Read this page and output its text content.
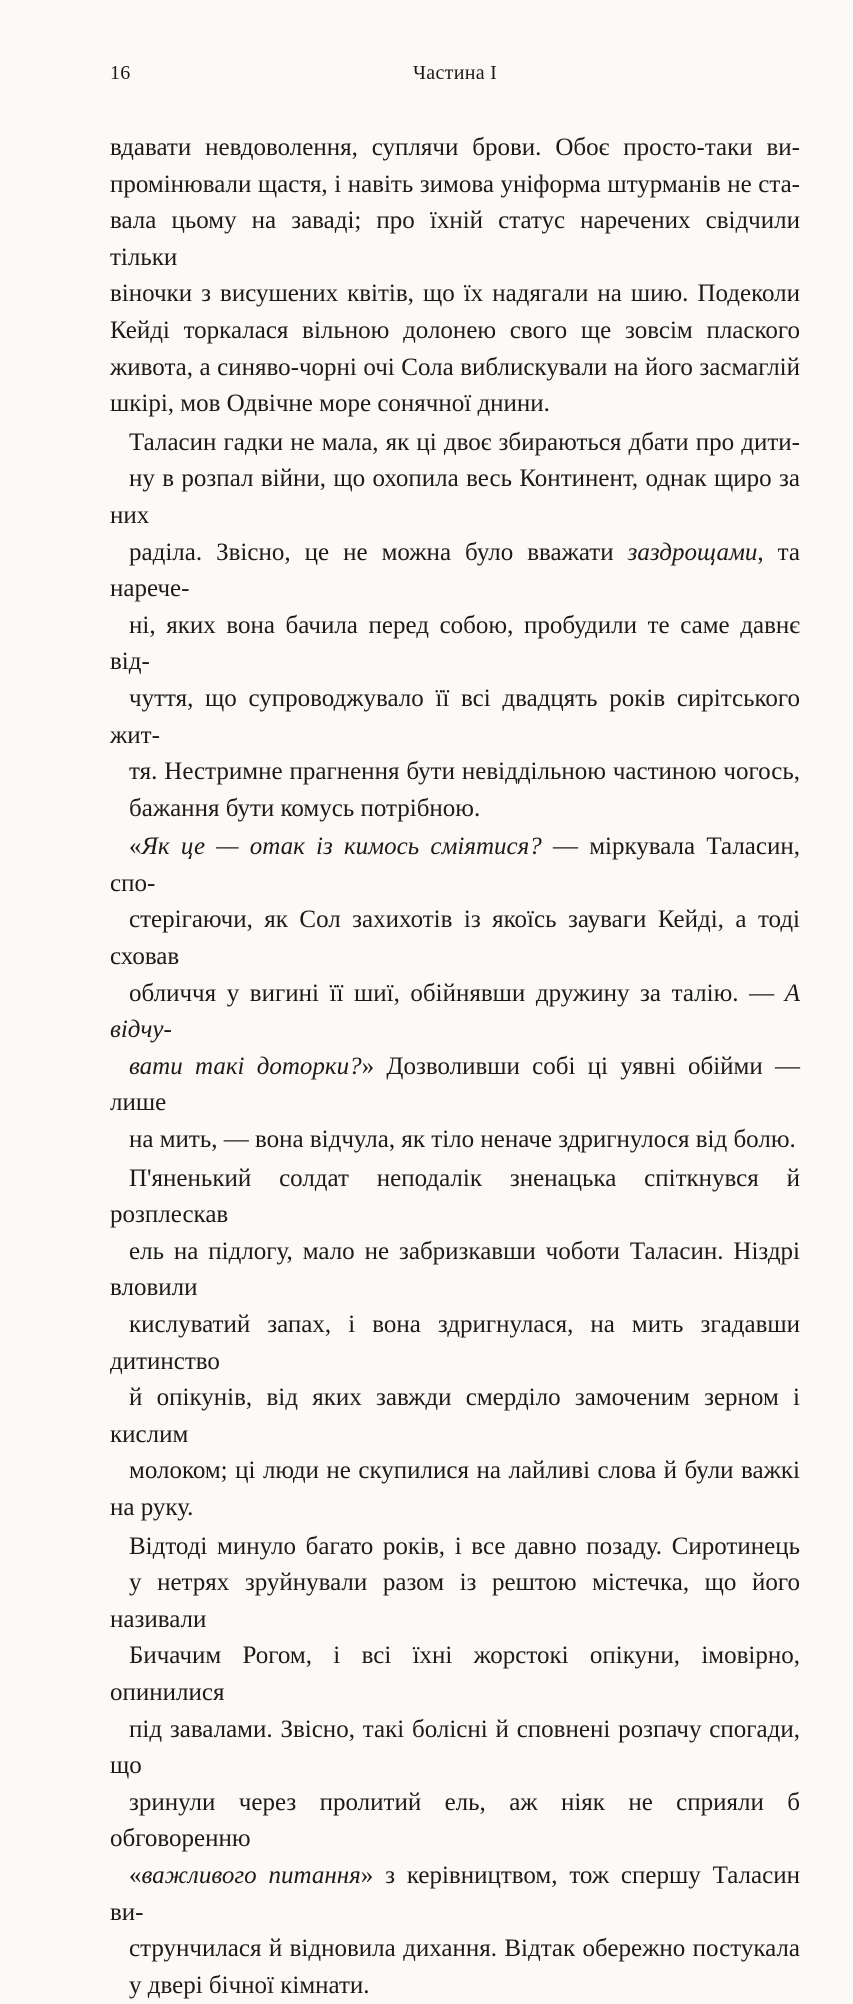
16	Частина І

вдавати невдоволення, суплячи брови. Обоє просто-таки ви-
промінювали щастя, і навіть зимова уніформа штурманів не ста-
вала цьому на заваді; про їхній статус наречених свідчили тільки
віночки з висушених квітів, що їх надягали на шию. Подеколи
Кейді торкалася вільною долонею свого ще зовсім плаского
живота, а синяво-чорні очі Сола виблискували на його засмаглій
шкірі, мов Одвічне море сонячної днини.

Таласин гадки не мала, як ці двоє збираються дбати про дити-
ну в розпал війни, що охопила весь Континент, однак щиро за них
раділа. Звісно, це не можна було вважати заздрощами, та нарече-
ні, яких вона бачила перед собою, пробудили те саме давнє від-
чуття, що супроводжувало її всі двадцять років сирітського жит-
тя. Нестримне прагнення бути невіддільною частиною чогось,
бажання бути комусь потрібною.

«Як це — отак із кимось сміятися? — міркувала Таласин, спо-
стерігаючи, як Сол захихотів із якоїсь зауваги Кейді, а тоді сховав
обличчя у вигині її шиї, обійнявши дружину за талію. — А відчу-
вати такі доторки?» Дозволивши собі ці уявні обійми — лише
на мить, — вона відчула, як тіло неначе здригнулося від болю.

П'яненький солдат неподалік зненацька спіткнувся й розплескав
ель на підлогу, мало не забризкавши чоботи Таласин. Ніздрі вловили
кислуватий запах, і вона здригнулася, на мить згадавши дитинство
й опікунів, від яких завжди смерділо замоченим зерном і кислим
молоком; ці люди не скупилися на лайливі слова й були важкі на руку.

Відтоді минуло багато років, і все давно позаду. Сиротинець
у нетрях зруйнували разом із рештою містечка, що його називали
Бичачим Рогом, і всі їхні жорстокі опікуни, імовірно, опинилися
під завалами. Звісно, такі болісні й сповнені розпачу спогади, що
зринули через пролитий ель, аж ніяк не сприяли б обговоренню
«важливого питання» з керівництвом, тож спершу Таласин ви-
струнчилася й відновила дихання. Відтак обережно постукала
у двері бічної кімнати.
